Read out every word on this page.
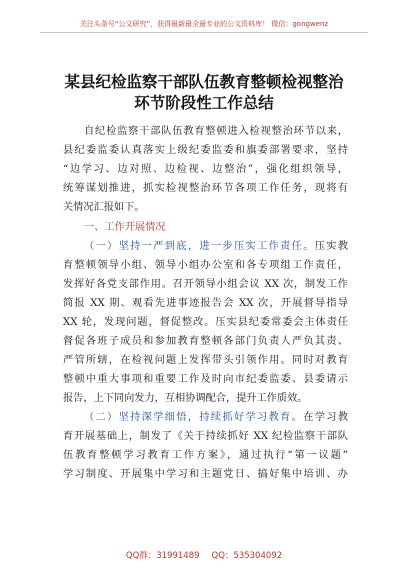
关注头条号“公文研究”，获得最新最全最专业的公文资料库！ 微信：gongwenz
某县纪检监察干部队伍教育整顿检视整治
环节阶段性工作总结
自纪检监察干部队伍教育整顿进入检视整治环节以来，
县纪委监委认真落实上级纪委监委和旗委部署要求，坚持
“边学习、边对照、边检视、边整治”，强化组织领导，
统筹谋划推进，抓实检视整治环节各项工作任务，现将有
关情况汇报如下。
一、工作开展情况
（一）坚持一严到底，进一步压实工作责任。压实教
育整顿领导小组、领导小组办公室和各专项组工作责任，
发挥好各党支部作用。召开领导小组会议 XX 次，制发工作
简报 XX 期、观看先进事迹报告会 XX 次，开展督导指导
XX 轮，发现问题，督促整改。压实县纪委常委会主体责任
督促各班子成员和参加教育整顿各部门负责人严负其责、
严管所辖，在检视问题上发挥带头引领作用。同时对教育
整顿中重大事项和重要工作及时向市纪委监委、县委请示
报告，上下同向发力，互相协调配合，提升工作质效。
（二）坚持深学细悟，持续抓好学习教育。在学习教
育开展基础上，制发了《关于持续抓好 XX 纪检监察干部队
伍教育整顿学习教育工作方案》，通过执行“第一议题”
学习制度、开展集中学习和主题党日、搞好集中培训、办
QQ群：31991489 QQ：535304092
